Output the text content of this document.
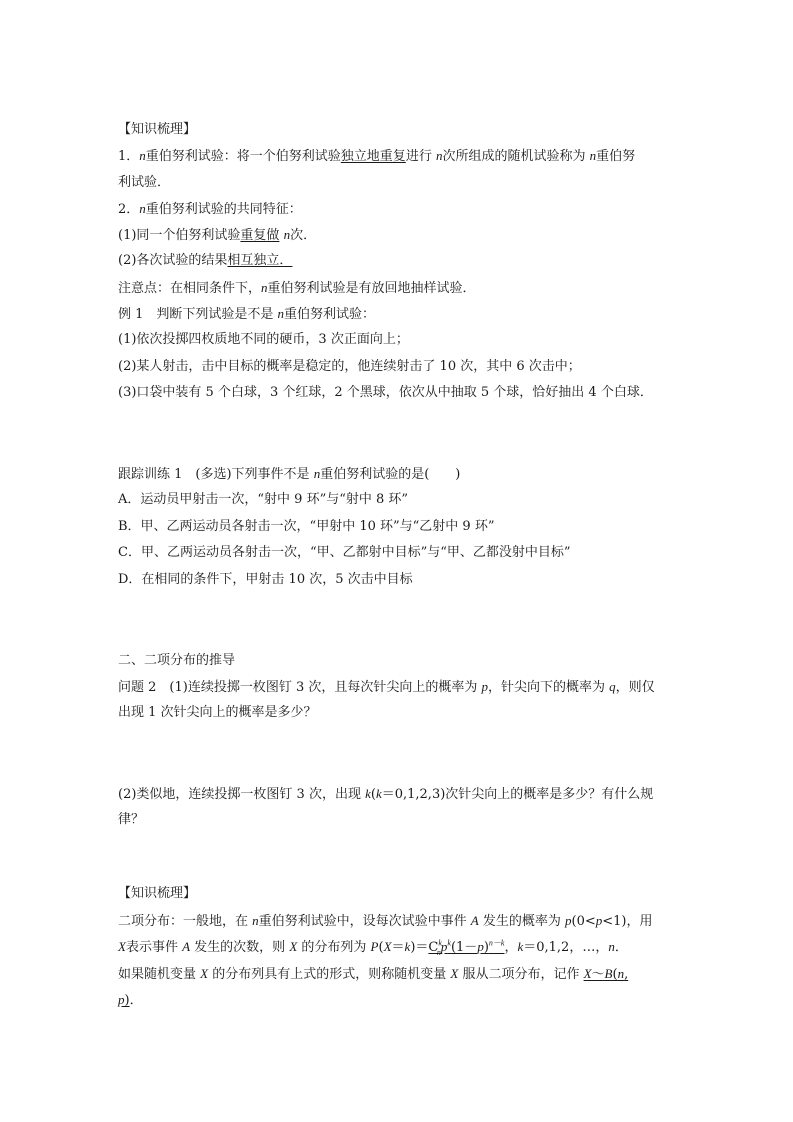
【知识梳理】
1．n重伯努利试验：将一个伯努利试验独立地重复进行 n次所组成的随机试验称为 n重伯努
利试验．
2．n重伯努利试验的共同特征：
(1)同一个伯努利试验重复做 n次．
(2)各次试验的结果相互独立．
注意点：在相同条件下，n重伯努利试验是有放回地抽样试验．
例 1　判断下列试验是不是 n重伯努利试验：
(1)依次投掷四枚质地不同的硬币，3 次正面向上；
(2)某人射击，击中目标的概率是稳定的，他连续射击了 10 次，其中 6 次击中；
(3)口袋中装有 5 个白球，3 个红球，2 个黑球，依次从中抽取 5 个球，恰好抽出 4 个白球．
跟踪训练 1　(多选)下列事件不是 n重伯努利试验的是(　　)
A．运动员甲射击一次，“射中 9 环”与“射中 8 环”
B．甲、乙两运动员各射击一次，“甲射中 10 环”与“乙射中 9 环”
C．甲、乙两运动员各射击一次，“甲、乙都射中目标”与“甲、乙都没射中目标”
D．在相同的条件下，甲射击 10 次，5 次击中目标
二、二项分布的推导
问题 2　(1)连续投掷一枚图钉 3 次，且每次针尖向上的概率为 p，针尖向下的概率为 q，则仅
出现 1 次针尖向上的概率是多少？
(2)类似地，连续投掷一枚图钉 3 次，出现 k(k＝0,1,2,3)次针尖向上的概率是多少？有什么规
律？
【知识梳理】
二项分布：一般地，在 n重伯努利试验中，设每次试验中事件 A 发生的概率为 p(0<p<1)，用
X表示事件 A 发生的次数，则 X 的分布列为 $P(X=k)=C^k_np^k(1-p)^{n-k}$，k＝0,1,2，…，n．
如果随机变量 X 的分布列具有上式的形式，则称随机变量 X 服从二项分布，记作 X～B(n,
p)．
